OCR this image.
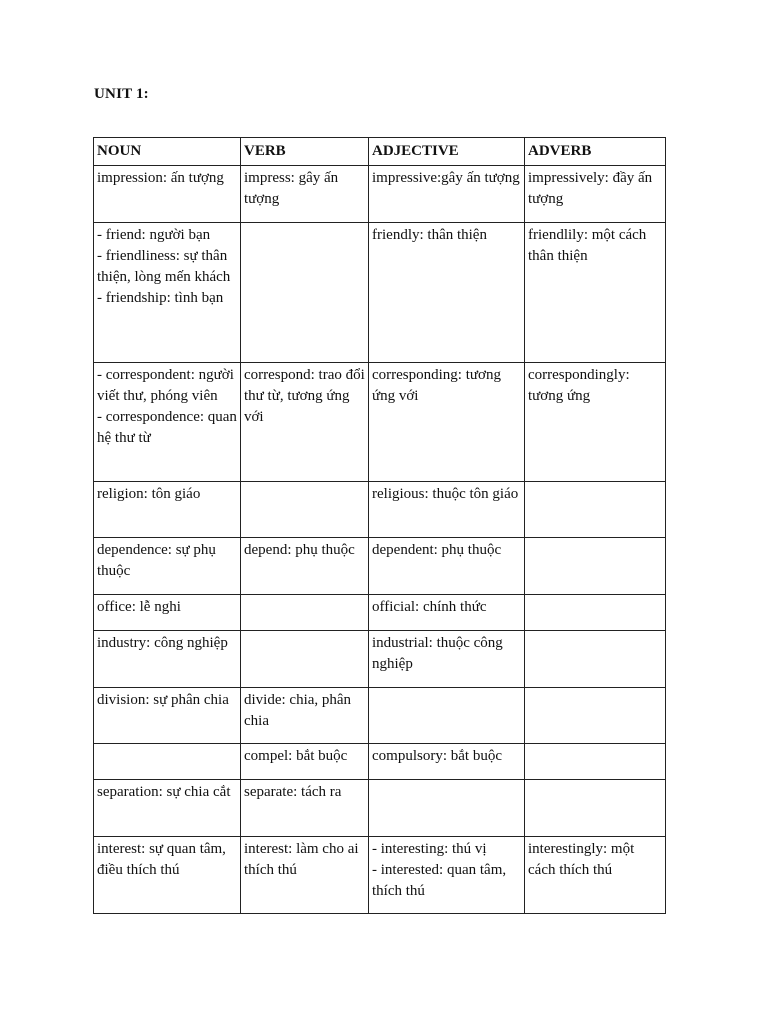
UNIT 1:
NOUN	VERB	ADJECTIVE	ADVERB
impression: ấn tượng	impress: gây ấn tượng	impressive:gây ấn tượng	impressively: đầy ấn tượng
- friend: người bạn
- friendliness: sự thân thiện, lòng mến khách
- friendship: tình bạn		friendly: thân thiện	friendlily: một cách thân thiện
- correspondent: người viết thư, phóng viên
- correspondence: quan hệ thư từ	correspond: trao đổi thư từ, tương ứng với	corresponding: tương ứng với	correspondingly: tương ứng
religion: tôn giáo		religious: thuộc tôn giáo	
dependence: sự phụ thuộc	depend: phụ thuộc	dependent: phụ thuộc	
office: lễ nghi		official: chính thức	
industry: công nghiệp		industrial: thuộc công nghiệp	
division: sự phân chia	divide: chia, phân chia		
	compel: bắt buộc	compulsory: bắt buộc	
separation: sự chia cắt	separate: tách ra		
interest: sự quan tâm, điều thích thú	interest: làm cho ai thích thú	- interesting: thú vị
- interested: quan tâm, thích thú	interestingly: một cách thích thú
